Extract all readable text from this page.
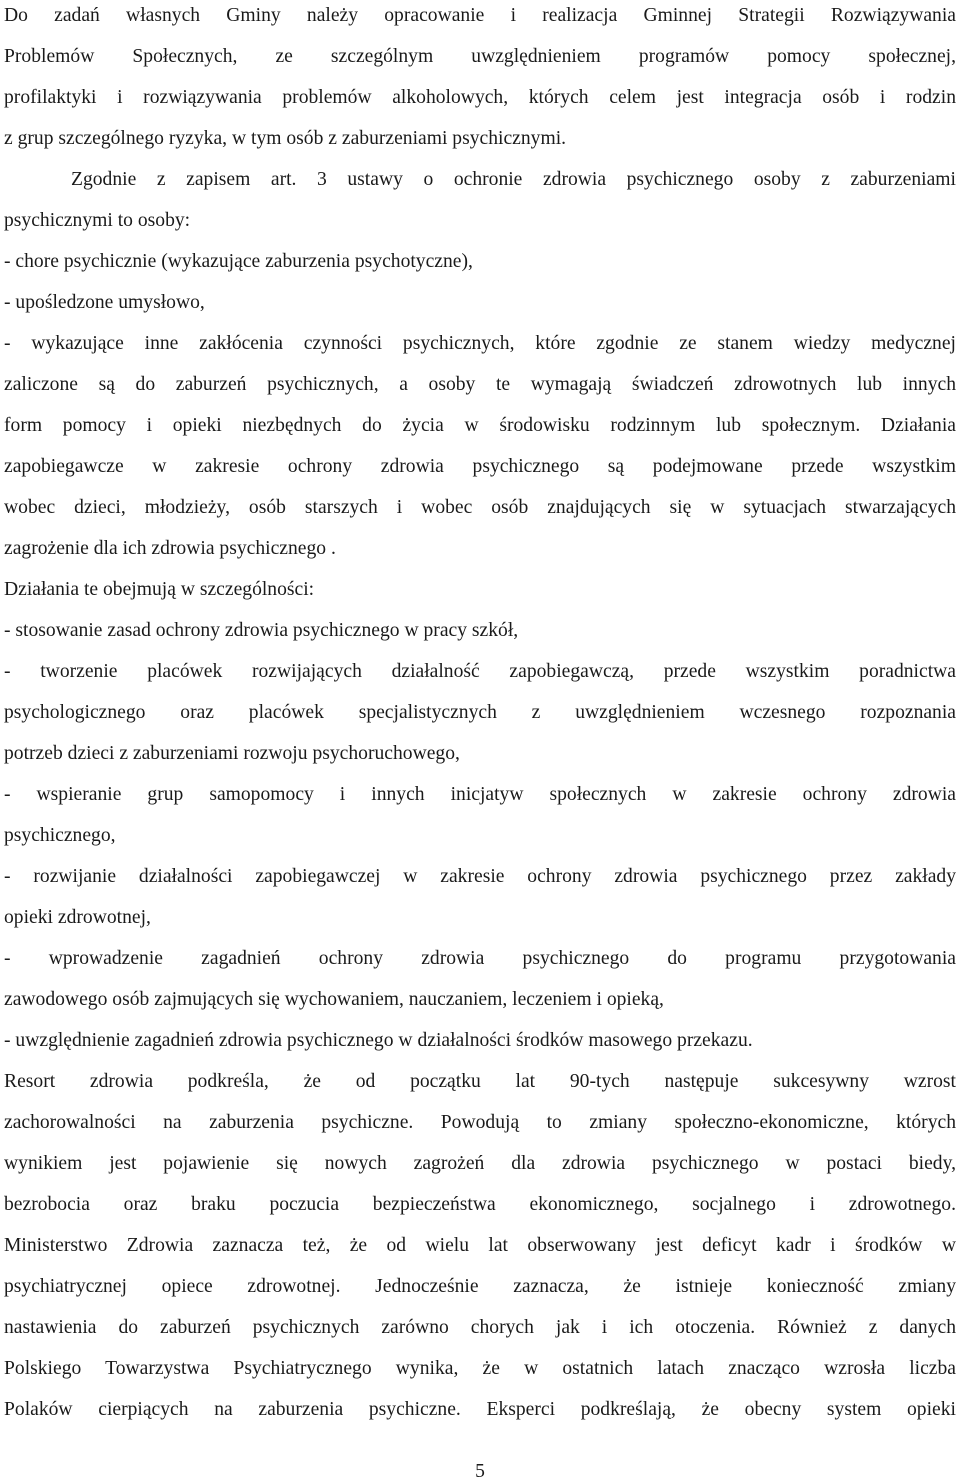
Do zadań własnych Gminy należy opracowanie i realizacja Gminnej Strategii Rozwiązywania
Problemów Społecznych, ze szczególnym uwzględnieniem programów pomocy społecznej,
profilaktyki i rozwiązywania problemów alkoholowych, których celem jest integracja osób i rodzin
z grup szczególnego ryzyka, w tym osób z zaburzeniami psychicznymi.
Zgodnie z zapisem art. 3 ustawy o ochronie zdrowia psychicznego osoby z zaburzeniami
psychicznymi to osoby:
- chore psychicznie (wykazujące zaburzenia psychotyczne),
- upośledzone umysłowo,
- wykazujące inne zakłócenia czynności psychicznych, które zgodnie ze stanem wiedzy medycznej
zaliczone są do zaburzeń psychicznych, a osoby te wymagają świadczeń zdrowotnych lub innych
form pomocy i opieki niezbędnych do życia w środowisku rodzinnym lub społecznym. Działania
zapobiegawcze w zakresie ochrony zdrowia psychicznego są podejmowane przede wszystkim
wobec dzieci, młodzieży, osób starszych i wobec osób znajdujących się w sytuacjach stwarzających
zagrożenie dla ich zdrowia psychicznego .
Działania te obejmują w szczególności:
- stosowanie zasad ochrony zdrowia psychicznego w pracy szkół,
- tworzenie placówek rozwijających działalność zapobiegawczą, przede wszystkim poradnictwa
psychologicznego oraz placówek specjalistycznych z uwzględnieniem wczesnego rozpoznania
potrzeb dzieci z zaburzeniami rozwoju psychoruchowego,
- wspieranie grup samopomocy i innych inicjatyw społecznych w zakresie ochrony zdrowia
psychicznego,
- rozwijanie działalności zapobiegawczej w zakresie ochrony zdrowia psychicznego przez zakłady
opieki zdrowotnej,
- wprowadzenie zagadnień ochrony zdrowia psychicznego do programu przygotowania
zawodowego osób zajmujących się wychowaniem, nauczaniem, leczeniem i opieką,
- uwzględnienie zagadnień zdrowia psychicznego w działalności środków masowego przekazu.
Resort zdrowia podkreśla, że od początku lat 90-tych następuje sukcesywny wzrost
zachorowalności na zaburzenia psychiczne. Powodują to zmiany społeczno-ekonomiczne, których
wynikiem jest pojawienie się nowych zagrożeń dla zdrowia psychicznego w postaci biedy,
bezrobocia oraz braku poczucia bezpieczeństwa ekonomicznego, socjalnego i zdrowotnego.
Ministerstwo Zdrowia zaznacza też, że od wielu lat obserwowany jest deficyt kadr i środków w
psychiatrycznej opiece zdrowotnej. Jednocześnie zaznacza, że istnieje konieczność zmiany
nastawienia do zaburzeń psychicznych zarówno chorych jak i ich otoczenia. Również z danych
Polskiego Towarzystwa Psychiatrycznego wynika, że w ostatnich latach znacząco wzrosła liczba
Polaków cierpiących na zaburzenia psychiczne. Eksperci podkreślają, że obecny system opieki
5
